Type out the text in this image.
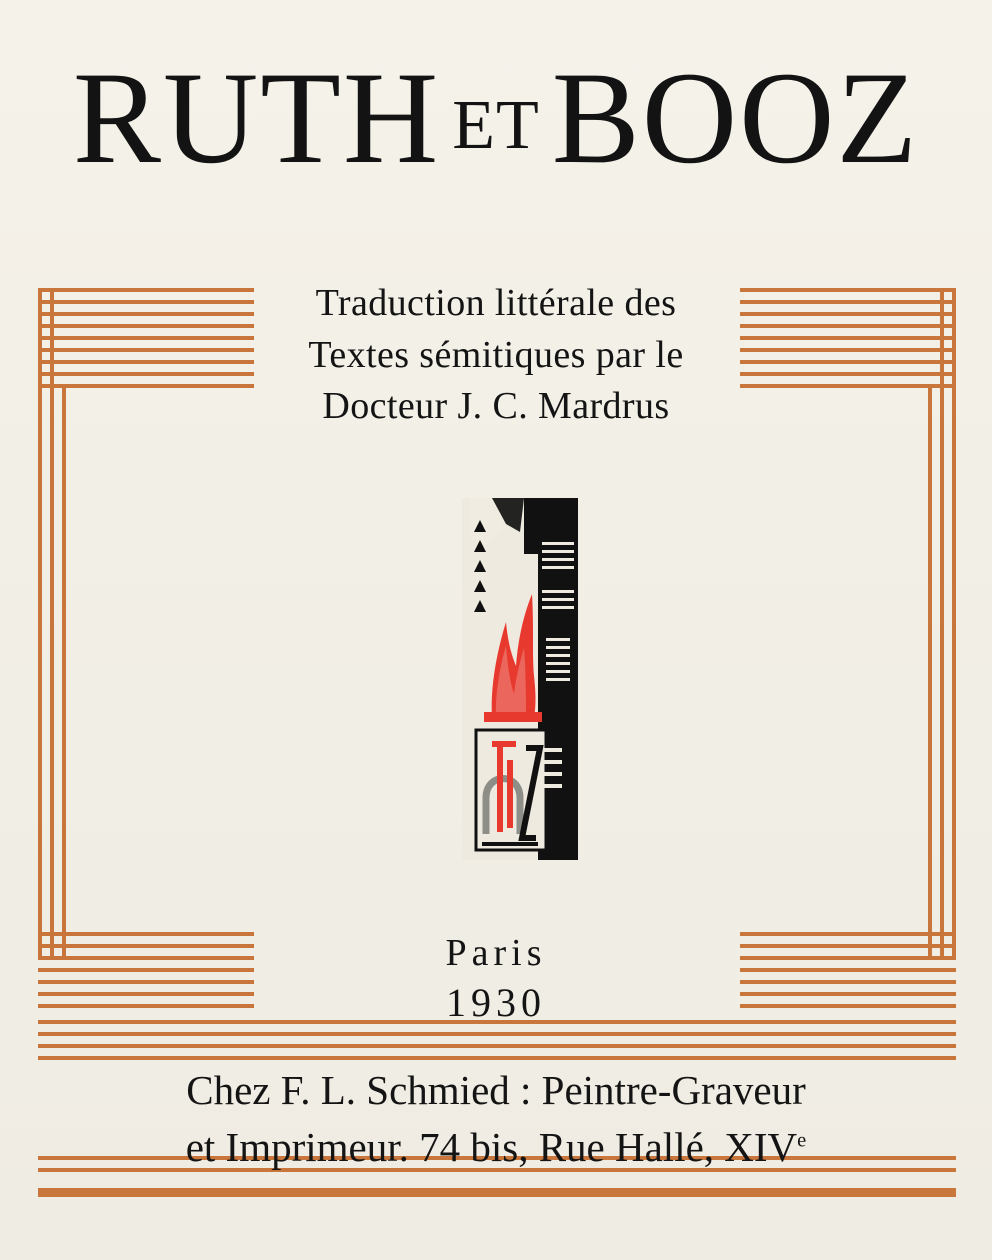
RUTH ETBOOZ
Traduction littérale des
Textes sémitiques par le
Docteur J. C. Mardrus
Paris
1930
Chez F. L. Schmied : Peintre-Graveur
et Imprimeur. 74 bis, Rue Hallé, XIVe
